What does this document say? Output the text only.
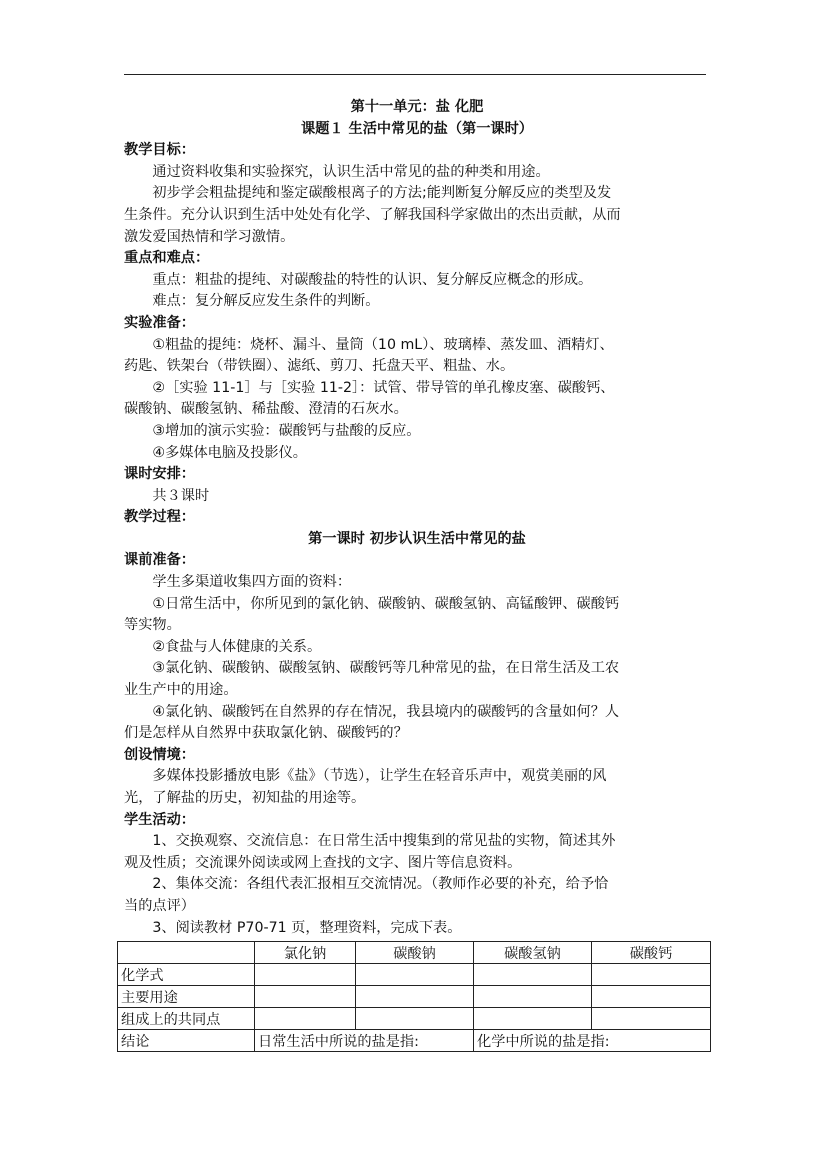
第十一单元：盐 化肥
课题１ 生活中常见的盐（第一课时）
教学目标：
通过资料收集和实验探究，认识生活中常见的盐的种类和用途。
初步学会粗盐提纯和鉴定碳酸根离子的方法;能判断复分解反应的类型及发
生条件。充分认识到生活中处处有化学、了解我国科学家做出的杰出贡献，从而
激发爱国热情和学习激情。
重点和难点：
重点：粗盐的提纯、对碳酸盐的特性的认识、复分解反应概念的形成。
难点：复分解反应发生条件的判断。
实验准备：
①粗盐的提纯：烧杯、漏斗、量筒（10 mL）、玻璃棒、蒸发皿、酒精灯、
药匙、铁架台（带铁圈）、滤纸、剪刀、托盘天平、粗盐、水。
②［实验 11-1］与［实验 11-2］：试管、带导管的单孔橡皮塞、碳酸钙、
碳酸钠、碳酸氢钠、稀盐酸、澄清的石灰水。
③增加的演示实验：碳酸钙与盐酸的反应。
④多媒体电脑及投影仪。
课时安排：
共３课时
教学过程：
第一课时 初步认识生活中常见的盐
课前准备：
学生多渠道收集四方面的资料：
①日常生活中，你所见到的氯化钠、碳酸钠、碳酸氢钠、高锰酸钾、碳酸钙
等实物。
②食盐与人体健康的关系。
③氯化钠、碳酸钠、碳酸氢钠、碳酸钙等几种常见的盐，在日常生活及工农
业生产中的用途。
④氯化钠、碳酸钙在自然界的存在情况，我县境内的碳酸钙的含量如何？人
们是怎样从自然界中获取氯化钠、碳酸钙的？
创设情境：
多媒体投影播放电影《盐》（节选），让学生在轻音乐声中，观赏美丽的风
光，了解盐的历史，初知盐的用途等。
学生活动：
1、交换观察、交流信息：在日常生活中搜集到的常见盐的实物，简述其外
观及性质；交流课外阅读或网上查找的文字、图片等信息资料。
2、集体交流：各组代表汇报相互交流情况。（教师作必要的补充，给予恰
当的点评）
3、阅读教材 P70-71 页，整理资料，完成下表。
	氯化钠	碳酸钠	碳酸氢钠	碳酸钙
化学式				
主要用途				
组成上的共同点				
结论	日常生活中所说的盐是指:		化学中所说的盐是指:	
